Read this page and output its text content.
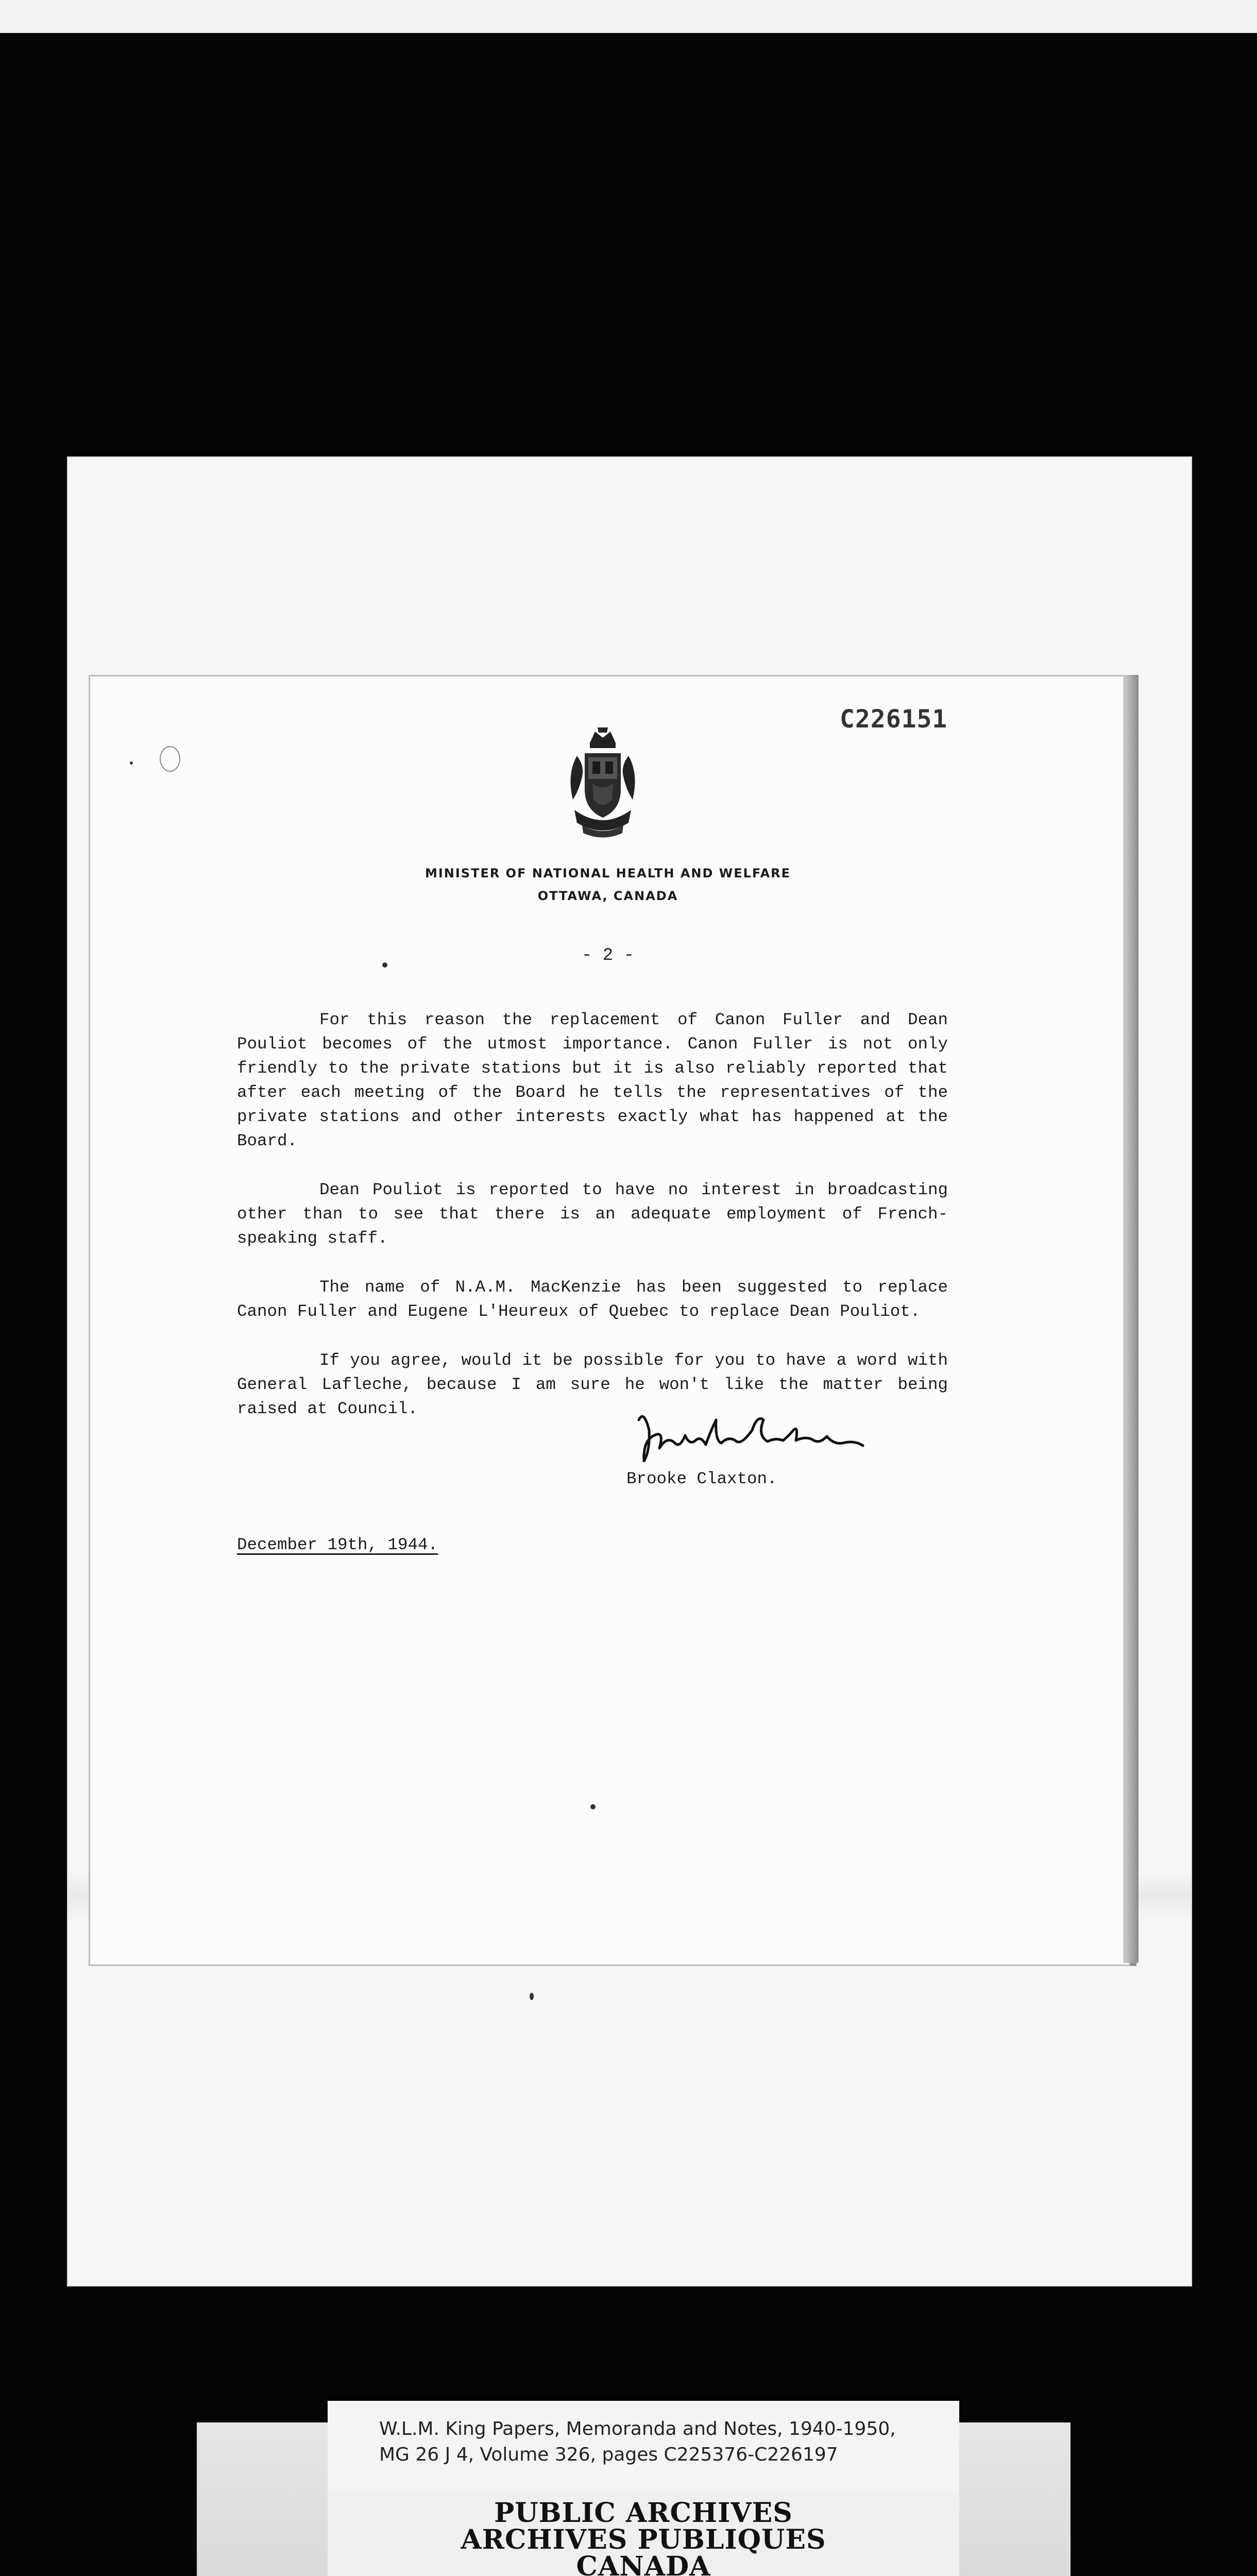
C226151
MINISTER OF NATIONAL HEALTH AND WELFARE
OTTAWA, CANADA
- 2 -

For this reason the replacement of Canon Fuller and Dean Pouliot becomes of the utmost importance. Canon Fuller is not only friendly to the private stations but it is also reliably reported that after each meeting of the Board he tells the representatives of the private stations and other interests exactly what has happened at the Board.

Dean Pouliot is reported to have no interest in broadcasting other than to see that there is an adequate employment of French-speaking staff.

The name of N.A.M. MacKenzie has been suggested to replace Canon Fuller and Eugene L'Heureux of Quebec to replace Dean Pouliot.

If you agree, would it be possible for you to have a word with General Lafleche, because I am sure he won't like the matter being raised at Council.

Brooke Claxton.
December 19th, 1944.
W.L.M. King Papers, Memoranda and Notes, 1940-1950,
MG 26 J 4, Volume 326, pages C225376-C226197
PUBLIC ARCHIVES
ARCHIVES PUBLIQUES
CANADA
